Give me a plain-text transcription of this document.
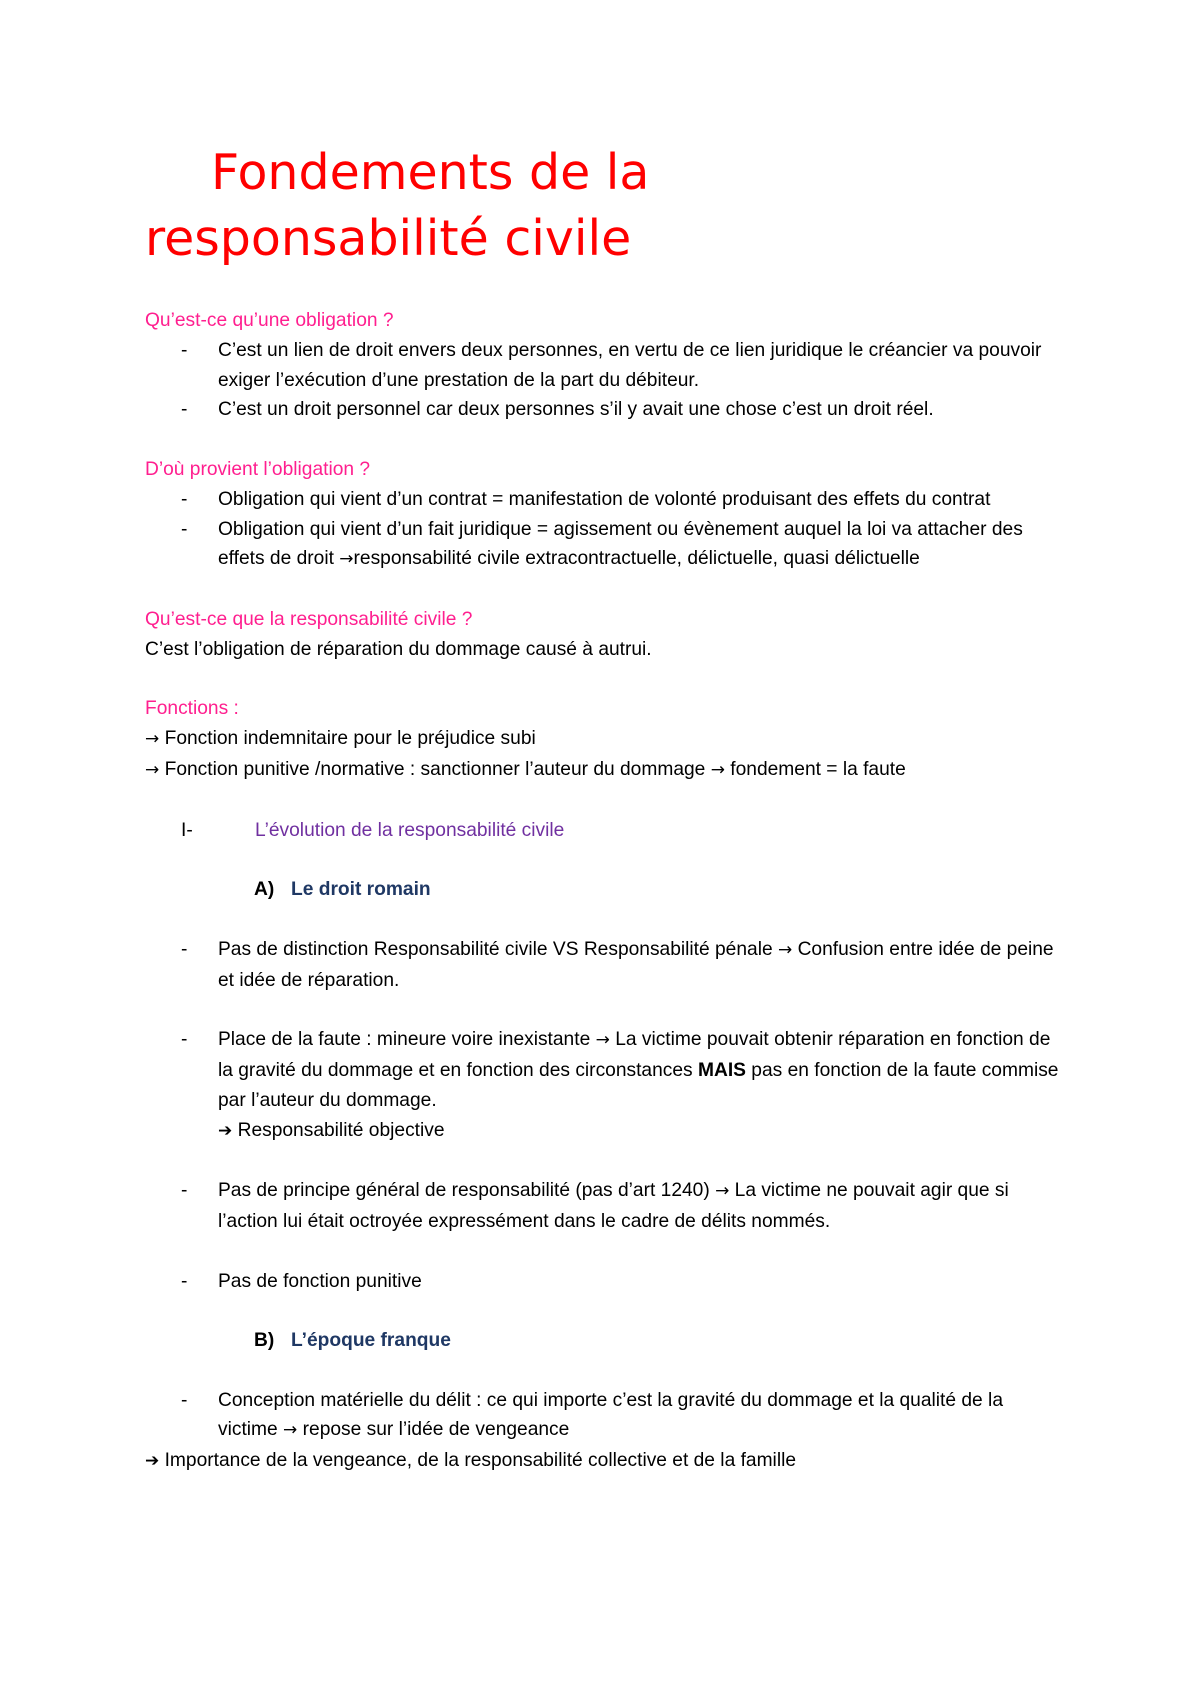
Fondements de la
responsabilité civile

Qu’est-ce qu’une obligation ?

- C’est un lien de droit envers deux personnes, en vertu de ce lien juridique le créancier va pouvoir exiger l’exécution d’une prestation de la part du débiteur.
- C’est un droit personnel car deux personnes s’il y avait une chose c’est un droit réel.

D’où provient l’obligation ?

- Obligation qui vient d’un contrat = manifestation de volonté produisant des effets du contrat
- Obligation qui vient d’un fait juridique = agissement ou évènement auquel la loi va attacher des effets de droit →responsabilité civile extracontractuelle, délictuelle, quasi délictuelle

Qu’est-ce que la responsabilité civile ?

C’est l’obligation de réparation du dommage causé à autrui.

Fonctions :

→ Fonction indemnitaire pour le préjudice subi

→ Fonction punitive /normative : sanctionner l’auteur du dommage → fondement = la faute

I-	L’évolution de la responsabilité civile

A) Le droit romain

- Pas de distinction Responsabilité civile VS Responsabilité pénale → Confusion entre idée de peine et idée de réparation.
- Place de la faute : mineure voire inexistante → La victime pouvait obtenir réparation en fonction de la gravité du dommage et en fonction des circonstances MAIS pas en fonction de la faute commise par l’auteur du dommage.
➔ Responsabilité objective
- Pas de principe général de responsabilité (pas d’art 1240) → La victime ne pouvait agir que si l’action lui était octroyée expressément dans le cadre de délits nommés.
- Pas de fonction punitive

B) L’époque franque

- Conception matérielle du délit : ce qui importe c’est la gravité du dommage et la qualité de la victime → repose sur l’idée de vengeance

➔ Importance de la vengeance, de la responsabilité collective et de la famille
